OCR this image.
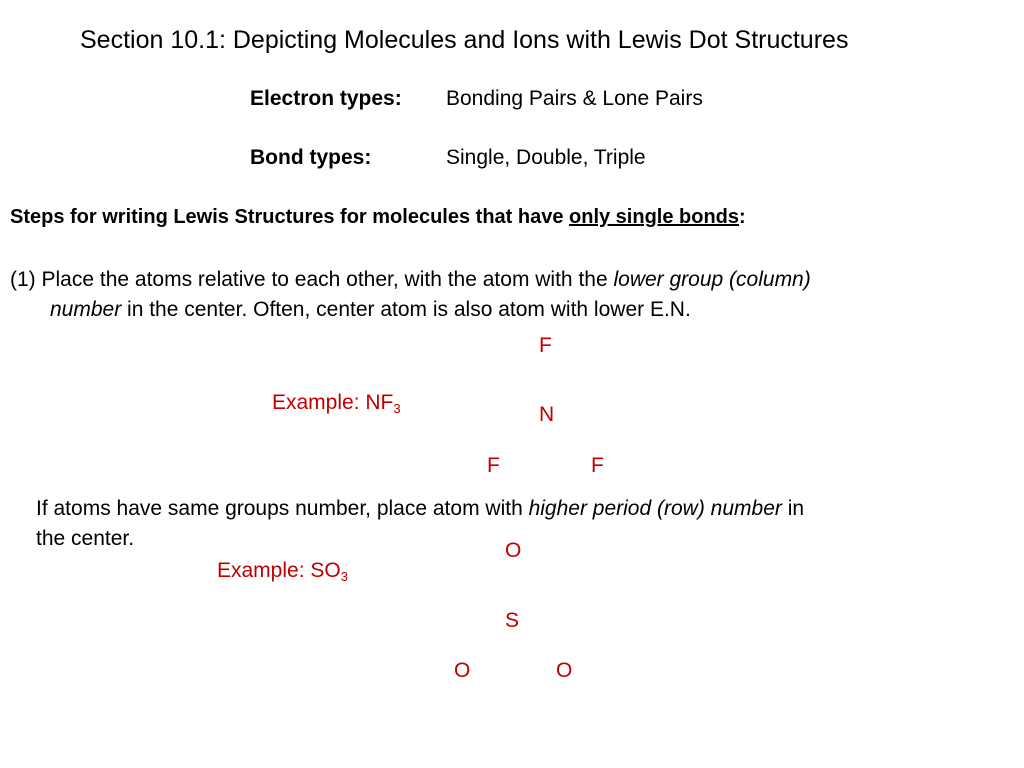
Section 10.1: Depicting Molecules and Ions with Lewis Dot Structures
Electron types: Bonding Pairs & Lone Pairs
Bond types:	Single, Double, Triple
Steps for writing Lewis Structures for molecules that have only single bonds:
(1) Place the atoms relative to each other, with the atom with the lower group (column)
number in the center. Often, center atom is also atom with lower E.N.
Example: $NF_3$
F
N
F	F
If atoms have same groups number, place atom with higher period (row) number in
the center.
Example: $SO_3$
O
S
O	O
